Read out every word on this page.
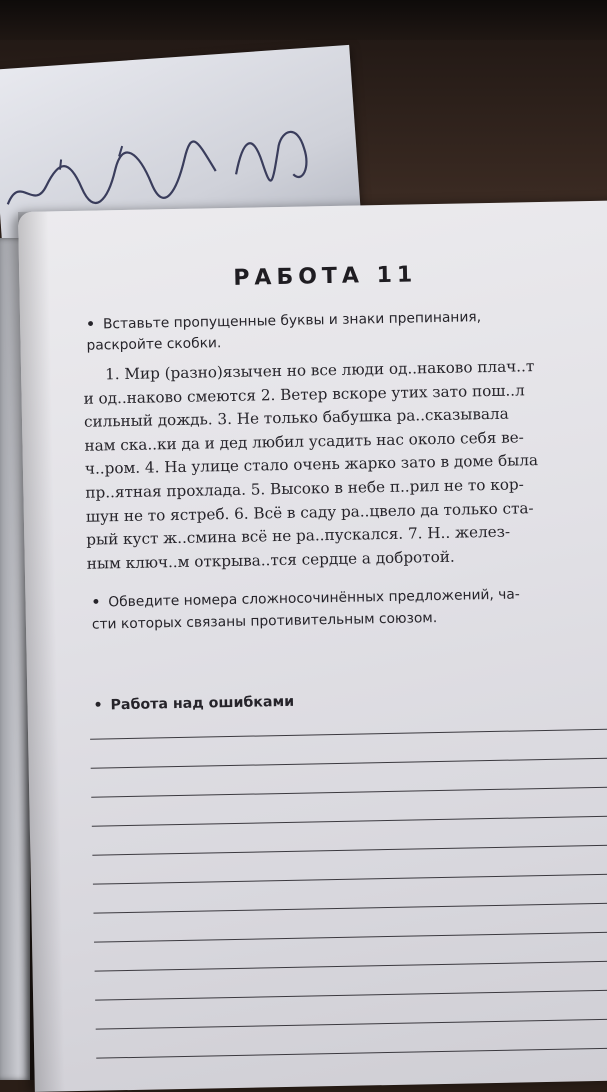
РАБОТА 11
• Вставьте пропущенные буквы и знаки препинания,
раскройте скобки.
1. Мир (разно)язычен но все люди од..наково плач..т
и од..наково смеются 2. Ветер вскоре утих зато пош..л
сильный дождь. 3. Не только бабушка ра..сказывала
нам ска..ки да и дед любил усадить нас около себя ве-
ч..ром. 4. На улице стало очень жарко зато в доме была
пр..ятная прохлада. 5. Высоко в небе п..рил не то кор-
шун не то ястреб. 6. Всё в саду ра..цвело да только ста-
рый куст ж..смина всё не ра..пускался. 7. Н.. желез-
ным ключ..м открыва..тся сердце а добротой.
• Обведите номера сложносочинённых предложений, ча-
сти которых связаны противительным союзом.
• Работа над ошибками
